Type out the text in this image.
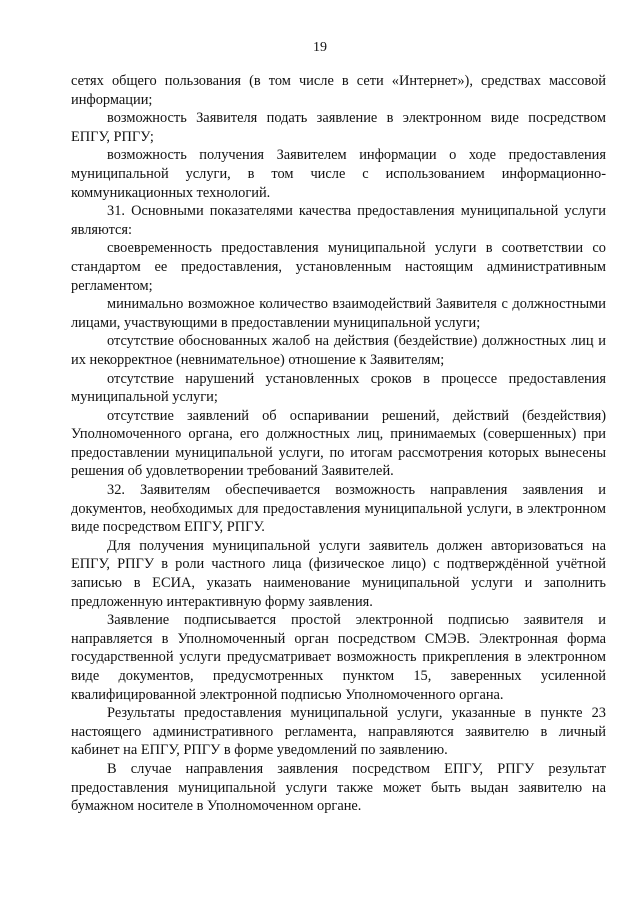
19

сетях общего пользования (в том числе в сети «Интернет»), средствах массовой информации;

возможность Заявителя подать заявление в электронном виде посредством ЕПГУ, РПГУ;

возможность получения Заявителем информации о ходе предоставления муниципальной услуги, в том числе с использованием информационно-коммуникационных технологий.

31. Основными показателями качества предоставления муниципальной услуги являются:

своевременность предоставления муниципальной услуги в соответствии со стандартом ее предоставления, установленным настоящим административным регламентом;

минимально возможное количество взаимодействий Заявителя с должностными лицами, участвующими в предоставлении муниципальной услуги;

отсутствие обоснованных жалоб на действия (бездействие) должностных лиц и их некорректное (невнимательное) отношение к Заявителям;

отсутствие нарушений установленных сроков в процессе предоставления муниципальной услуги;

отсутствие заявлений об оспаривании решений, действий (бездействия) Уполномоченного органа, его должностных лиц, принимаемых (совершенных) при предоставлении муниципальной услуги, по итогам рассмотрения которых вынесены решения об удовлетворении требований Заявителей.

32. Заявителям обеспечивается возможность направления заявления и документов, необходимых для предоставления муниципальной услуги, в электронном виде посредством ЕПГУ, РПГУ.

Для получения муниципальной услуги заявитель должен авторизоваться на ЕПГУ, РПГУ в роли частного лица (физическое лицо) с подтверждённой учётной записью в ЕСИА, указать наименование муниципальной услуги и заполнить предложенную интерактивную форму заявления.

Заявление подписывается простой электронной подписью заявителя и направляется в Уполномоченный орган посредством СМЭВ. Электронная форма государственной услуги предусматривает возможность прикрепления в электронном виде документов, предусмотренных пунктом 15, заверенных усиленной квалифицированной электронной подписью Уполномоченного органа.

Результаты предоставления муниципальной услуги, указанные в пункте 23 настоящего административного регламента, направляются заявителю в личный кабинет на ЕПГУ, РПГУ в форме уведомлений по заявлению.

В случае направления заявления посредством ЕПГУ, РПГУ результат предоставления муниципальной услуги также может быть выдан заявителю на бумажном носителе в Уполномоченном органе.
